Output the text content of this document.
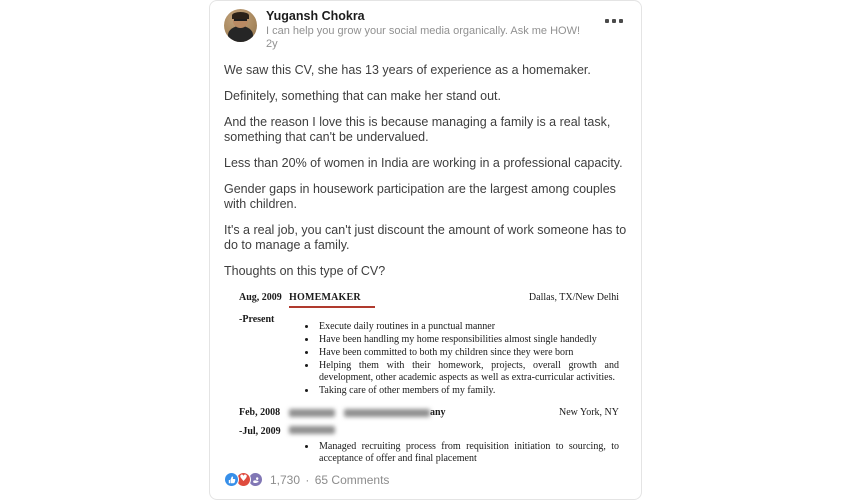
Yugansh Chokra
I can help you grow your social media organically. Ask me HOW!
2y

We saw this CV, she has 13 years of experience as a homemaker.

Definitely, something that can make her stand out.

And the reason I love this is because managing a family is a real task, something that can't be undervalued.

Less than 20% of women in India are working in a professional capacity.

Gender gaps in housework participation are the largest among couples with children.

It's a real job, you can't just discount the amount of work someone has to do to manage a family.

Thoughts on this type of CV?

Aug, 2009
-Present
HOMEMAKER	Dallas, TX/New Delhi
• Execute daily routines in a punctual manner
• Have been handling my home responsibilities almost single handedly
• Have been committed to both my children since they were born
• Helping them with their homework, projects, overall growth and development, other academic aspects as well as extra-curricular activities.
• Taking care of other members of my family.
Feb, 2008
-Jul, 2009
any	New York, NY
• Managed recruiting process from requisition initiation to sourcing, to acceptance of offer and final placement
♥ 1,730 · 65 Comments
